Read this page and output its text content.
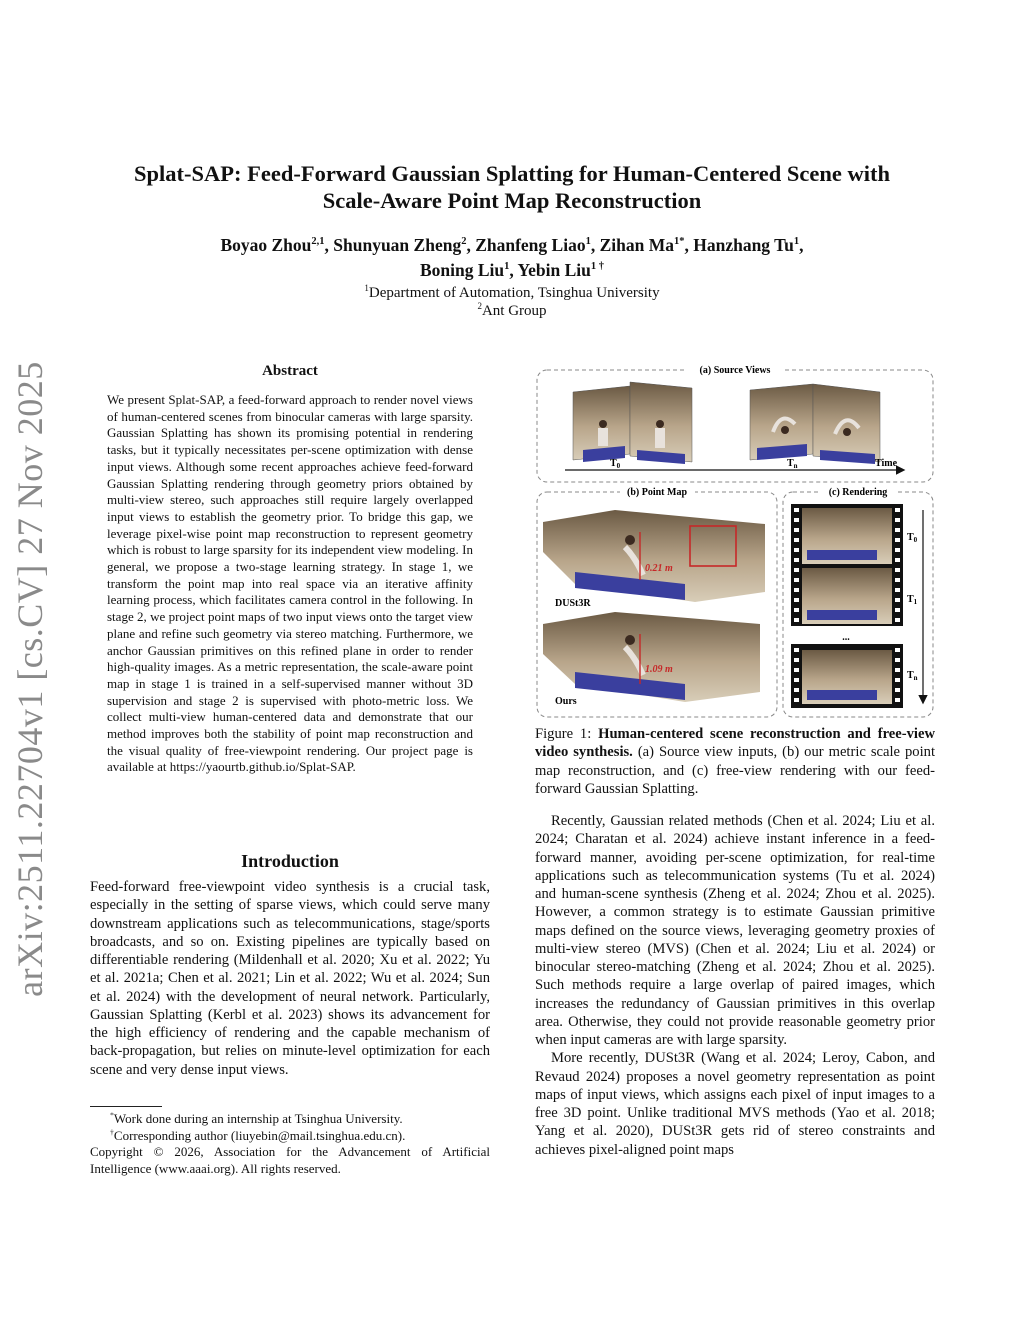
arXiv:2511.22704v1 [cs.CV] 27 Nov 2025
Splat-SAP: Feed-Forward Gaussian Splatting for Human-Centered Scene with
Scale-Aware Point Map Reconstruction
Boyao Zhou$^{2,1}$, Shunyuan Zheng$^2$, Zhanfeng Liao$^1$, Zihan $Ma^{1*}$, Hanzhang Tu$^1$,
Boning Liu$^1$, Yebin Liu$^{1 \dagger}$
$^1$Department of Automation, Tsinghua University
$^2$Ant Group
Abstract
We present Splat-SAP, a feed-forward approach to render novel views of human-centered scenes from binocular cameras with large sparsity. Gaussian Splatting has shown its promising potential in rendering tasks, but it typically necessitates per-scene optimization with dense input views. Although some recent approaches achieve feed-forward Gaussian Splatting rendering through geometry priors obtained by multi-view stereo, such approaches still require largely overlapped input views to establish the geometry prior. To bridge this gap, we leverage pixel-wise point map reconstruction to represent geometry which is robust to large sparsity for its independent view modeling. In general, we propose a two-stage learning strategy. In stage 1, we transform the point map into real space via an iterative affinity learning process, which facilitates camera control in the following. In stage 2, we project point maps of two input views onto the target view plane and refine such geometry via stereo matching. Furthermore, we anchor Gaussian primitives on this refined plane in order to render high-quality images. As a metric representation, the scale-aware point map in stage 1 is trained in a self-supervised manner without 3D supervision and stage 2 is supervised with photo-metric loss. We collect multi-view human-centered data and demonstrate that our method improves both the stability of point map reconstruction and the visual quality of free-viewpoint rendering. Our project page is available at https://yaourtb.github.io/Splat-SAP.
Introduction
Feed-forward free-viewpoint video synthesis is a crucial task, especially in the setting of sparse views, which could serve many downstream applications such as telecommunications, stage/sports broadcasts, and so on. Existing pipelines are typically based on differentiable rendering (Mildenhall et al. 2020; Xu et al. 2022; Yu et al. 2021a; Chen et al. 2021; Lin et al. 2022; Wu et al. 2024; Sun et al. 2024) with the development of neural network. Particularly, Gaussian Splatting (Kerbl et al. 2023) shows its advancement for the high efficiency of rendering and the capable mechanism of back-propagation, but relies on minute-level optimization for each scene and very dense input views.
*Work done during an internship at Tsinghua University.
†Corresponding author (liuyebin@mail.tsinghua.edu.cn).
Copyright © 2026, Association for the Advancement of Artificial Intelligence (www.aaai.org). All rights reserved.
(a) Source Views
$T_0$	$T_n$	Time
(b) Point Map
0.21 m
DUSt3R
1.09 m
Ours
(c) Rendering
...
$T_0$
$T_1$
$T_n$
Figure 1: Human-centered scene reconstruction and free-view video synthesis. (a) Source view inputs, (b) our metric scale point map reconstruction, and (c) free-view rendering with our feed-forward Gaussian Splatting.

Recently, Gaussian related methods (Chen et al. 2024; Liu et al. 2024; Charatan et al. 2024) achieve instant inference in a feed-forward manner, avoiding per-scene optimization, for real-time applications such as telecommunication systems (Tu et al. 2024) and human-scene synthesis (Zheng et al. 2024; Zhou et al. 2025). However, a common strategy is to estimate Gaussian primitive maps defined on the source views, leveraging geometry proxies of multi-view stereo (MVS) (Chen et al. 2024; Liu et al. 2024) or binocular stereo-matching (Zheng et al. 2024; Zhou et al. 2025). Such methods require a large overlap of paired images, which increases the redundancy of Gaussian primitives in this overlap area. Otherwise, they could not provide reasonable geometry prior when input cameras are with large sparsity.

More recently, DUSt3R (Wang et al. 2024; Leroy, Cabon, and Revaud 2024) proposes a novel geometry representation as point maps of input views, which assigns each pixel of input images to a free 3D point. Unlike traditional MVS methods (Yao et al. 2018; Yang et al. 2020), DUSt3R gets rid of stereo constraints and achieves pixel-aligned point maps
